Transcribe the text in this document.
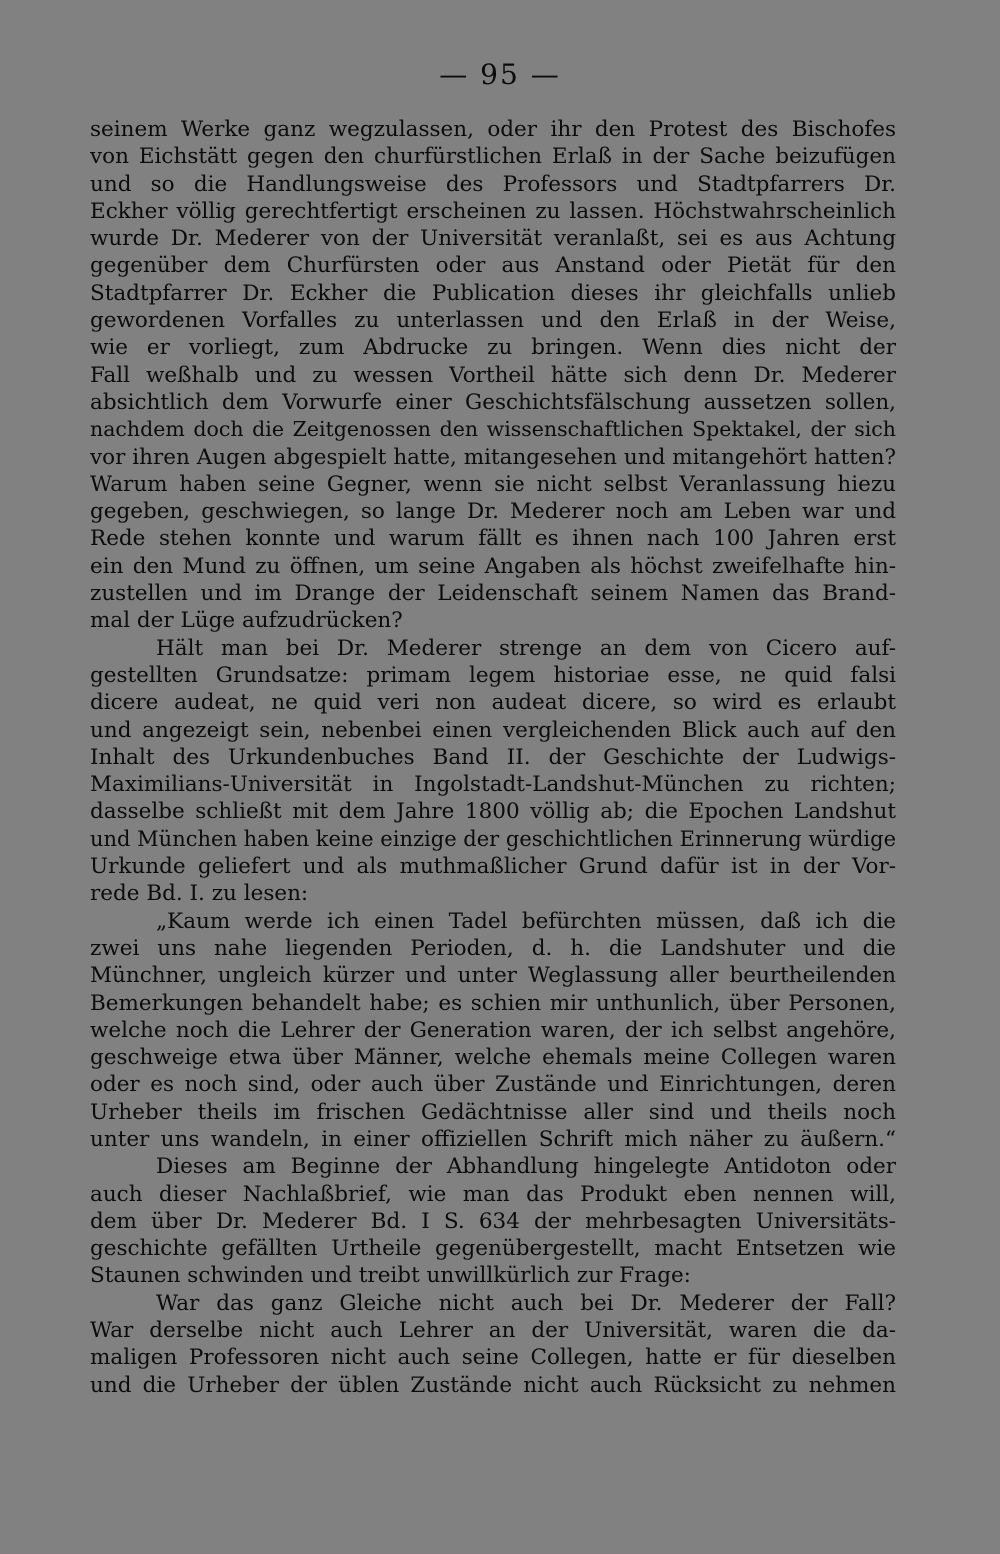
— 95 —
seinem Werke ganz wegzulassen, oder ihr den Protest des Bischofes
von Eichstätt gegen den churfürstlichen Erlaß in der Sache beizufügen
und so die Handlungsweise des Professors und Stadtpfarrers Dr.
Eckher völlig gerechtfertigt erscheinen zu lassen. Höchstwahrscheinlich
wurde Dr. Mederer von der Universität veranlaßt, sei es aus Achtung
gegenüber dem Churfürsten oder aus Anstand oder Pietät für den
Stadtpfarrer Dr. Eckher die Publication dieses ihr gleichfalls unlieb
gewordenen Vorfalles zu unterlassen und den Erlaß in der Weise,
wie er vorliegt, zum Abdrucke zu bringen. Wenn dies nicht der
Fall weßhalb und zu wessen Vortheil hätte sich denn Dr. Mederer
absichtlich dem Vorwurfe einer Geschichtsfälschung aussetzen sollen,
nachdem doch die Zeitgenossen den wissenschaftlichen Spektakel, der sich
vor ihren Augen abgespielt hatte, mitangesehen und mitangehört hatten?
Warum haben seine Gegner, wenn sie nicht selbst Veranlassung hiezu
gegeben, geschwiegen, so lange Dr. Mederer noch am Leben war und
Rede stehen konnte und warum fällt es ihnen nach 100 Jahren erst
ein den Mund zu öffnen, um seine Angaben als höchst zweifelhafte hin-
zustellen und im Drange der Leidenschaft seinem Namen das Brand-
mal der Lüge aufzudrücken?
Hält man bei Dr. Mederer strenge an dem von Cicero auf-
gestellten Grundsatze: primam legem historiae esse, ne quid falsi
dicere audeat, ne quid veri non audeat dicere, so wird es erlaubt
und angezeigt sein, nebenbei einen vergleichenden Blick auch auf den
Inhalt des Urkundenbuches Band II. der Geschichte der Ludwigs-
Maximilians-Universität in Ingolstadt-Landshut-München zu richten;
dasselbe schließt mit dem Jahre 1800 völlig ab; die Epochen Landshut
und München haben keine einzige der geschichtlichen Erinnerung würdige
Urkunde geliefert und als muthmaßlicher Grund dafür ist in der Vor-
rede Bd. I. zu lesen:
„Kaum werde ich einen Tadel befürchten müssen, daß ich die
zwei uns nahe liegenden Perioden, d. h. die Landshuter und die
Münchner, ungleich kürzer und unter Weglassung aller beurtheilenden
Bemerkungen behandelt habe; es schien mir unthunlich, über Personen,
welche noch die Lehrer der Generation waren, der ich selbst angehöre,
geschweige etwa über Männer, welche ehemals meine Collegen waren
oder es noch sind, oder auch über Zustände und Einrichtungen, deren
Urheber theils im frischen Gedächtnisse aller sind und theils noch
unter uns wandeln, in einer offiziellen Schrift mich näher zu äußern.“
Dieses am Beginne der Abhandlung hingelegte Antidoton oder
auch dieser Nachlaßbrief, wie man das Produkt eben nennen will,
dem über Dr. Mederer Bd. I S. 634 der mehrbesagten Universitäts-
geschichte gefällten Urtheile gegenübergestellt, macht Entsetzen wie
Staunen schwinden und treibt unwillkürlich zur Frage:
War das ganz Gleiche nicht auch bei Dr. Mederer der Fall?
War derselbe nicht auch Lehrer an der Universität, waren die da-
maligen Professoren nicht auch seine Collegen, hatte er für dieselben
und die Urheber der üblen Zustände nicht auch Rücksicht zu nehmen
